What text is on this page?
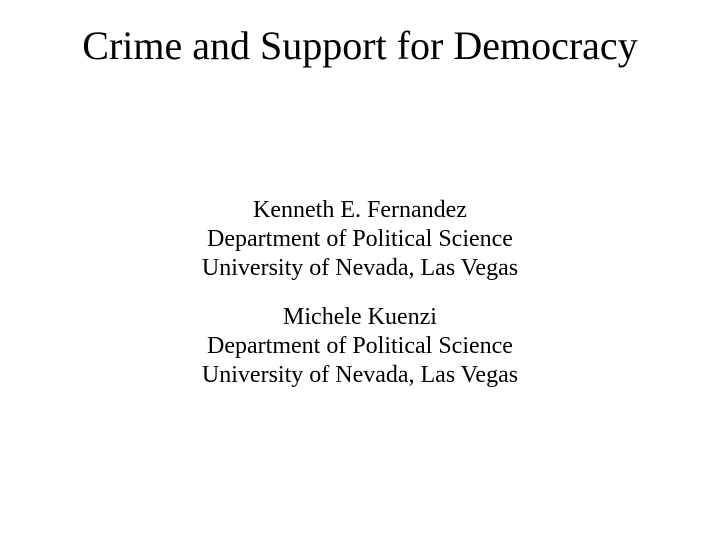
Crime and Support for Democracy
Kenneth E. Fernandez
Department of Political Science
University of Nevada, Las Vegas
Michele Kuenzi
Department of Political Science
University of Nevada, Las Vegas
